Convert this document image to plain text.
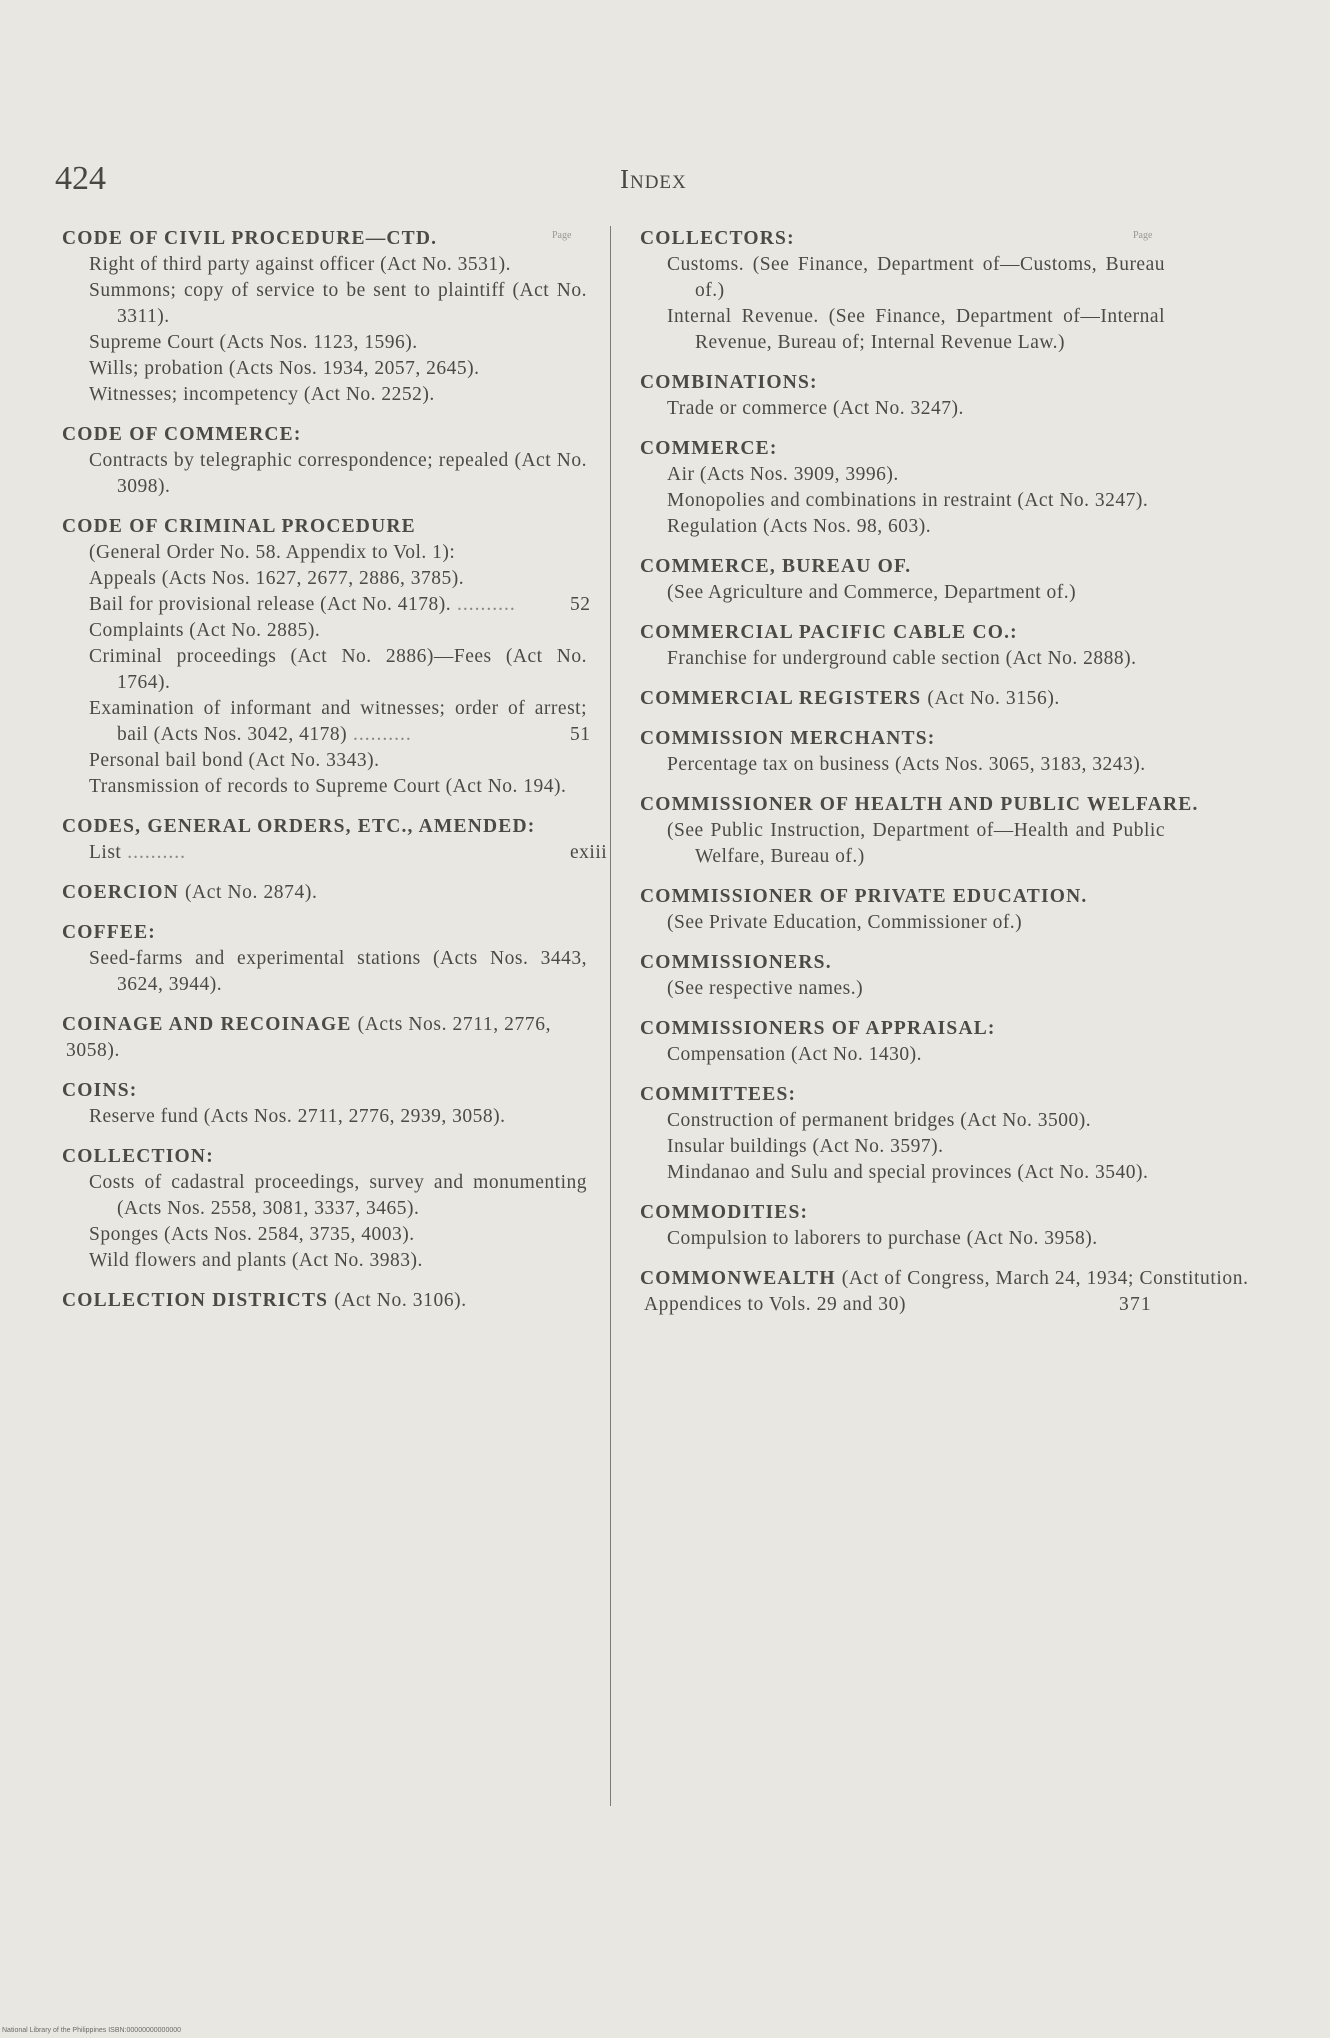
424	Index
Page	Page
CODE OF CIVIL PROCEDURE—CTD.
Right of third party against officer (Act No. 3531).
Summons; copy of service to be sent to plaintiff (Act No. 3311).
Supreme Court (Acts Nos. 1123, 1596).
Wills; probation (Acts Nos. 1934, 2057, 2645).
Witnesses; incompetency (Act No. 2252).
CODE OF COMMERCE:
Contracts by telegraphic correspondence; repealed (Act No. 3098).
CODE OF CRIMINAL PROCEDURE
(General Order No. 58. Appendix to Vol. 1):
Appeals (Acts Nos. 1627, 2677, 2886, 3785).
Bail for provisional release (Act No. 4178). ..........	52
Complaints (Act No. 2885).
Criminal proceedings (Act No. 2886)—Fees (Act No. 1764).
Examination of informant and witnesses; order of arrest; bail (Acts Nos. 3042, 4178) ..........	51
Personal bail bond (Act No. 3343).
Transmission of records to Supreme Court (Act No. 194).
CODES, GENERAL ORDERS, ETC., AMENDED:
List ..........	exiii
COERCION (Act No. 2874).
COFFEE:
Seed-farms and experimental stations (Acts Nos. 3443, 3624, 3944).
COINAGE AND RECOINAGE (Acts Nos. 2711, 2776, 3058).
COINS:
Reserve fund (Acts Nos. 2711, 2776, 2939, 3058).
COLLECTION:
Costs of cadastral proceedings, survey and monumenting (Acts Nos. 2558, 3081, 3337, 3465).
Sponges (Acts Nos. 2584, 3735, 4003).
Wild flowers and plants (Act No. 3983).
COLLECTION DISTRICTS (Act No. 3106).
COLLECTORS:
Customs. (See Finance, Department of—Customs, Bureau of.)
Internal Revenue. (See Finance, Department of—Internal Revenue, Bureau of; Internal Revenue Law.)
COMBINATIONS:
Trade or commerce (Act No. 3247).
COMMERCE:
Air (Acts Nos. 3909, 3996).
Monopolies and combinations in restraint (Act No. 3247).
Regulation (Acts Nos. 98, 603).
COMMERCE, BUREAU OF.
(See Agriculture and Commerce, Department of.)
COMMERCIAL PACIFIC CABLE CO.:
Franchise for underground cable section (Act No. 2888).
COMMERCIAL REGISTERS (Act No. 3156).
COMMISSION MERCHANTS:
Percentage tax on business (Acts Nos. 3065, 3183, 3243).
COMMISSIONER OF HEALTH AND PUBLIC WELFARE.
(See Public Instruction, Department of—Health and Public Welfare, Bureau of.)
COMMISSIONER OF PRIVATE EDUCATION.
(See Private Education, Commissioner of.)
COMMISSIONERS.
(See respective names.)
COMMISSIONERS OF APPRAISAL:
Compensation (Act No. 1430).
COMMITTEES:
Construction of permanent bridges (Act No. 3500).
Insular buildings (Act No. 3597).
Mindanao and Sulu and special provinces (Act No. 3540).
COMMODITIES:
Compulsion to laborers to purchase (Act No. 3958).
COMMONWEALTH (Act of Congress, March 24, 1934; Constitution. Appendices to Vols. 29 and 30)	371
National Library of the Philippines ISBN:00000000000000
